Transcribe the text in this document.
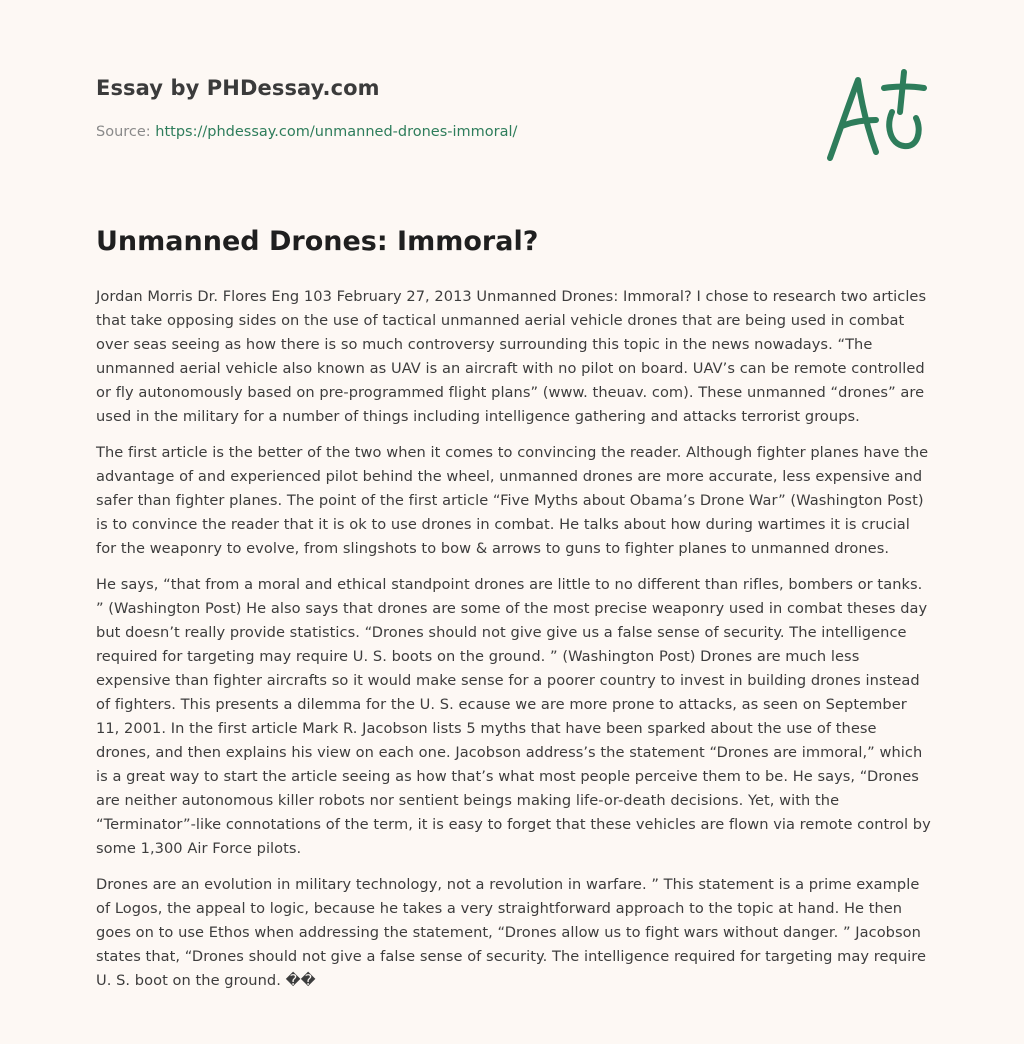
Essay by PHDessay.com
Source: https://phdessay.com/unmanned-drones-immoral/
Unmanned Drones: Immoral?

Jordan Morris Dr. Flores Eng 103 February 27, 2013 Unmanned Drones: Immoral? I chose to research two articles that take opposing sides on the use of tactical unmanned aerial vehicle drones that are being used in combat over seas seeing as how there is so much controversy surrounding this topic in the news nowadays. “The unmanned aerial vehicle also known as UAV is an aircraft with no pilot on board. UAV’s can be remote controlled or fly autonomously based on pre-programmed flight plans” (www. theuav. com). These unmanned “drones” are used in the military for a number of things including intelligence gathering and attacks terrorist groups.

The first article is the better of the two when it comes to convincing the reader. Although fighter planes have the advantage of and experienced pilot behind the wheel, unmanned drones are more accurate, less expensive and safer than fighter planes. The point of the first article “Five Myths about Obama’s Drone War” (Washington Post) is to convince the reader that it is ok to use drones in combat. He talks about how during wartimes it is crucial for the weaponry to evolve, from slingshots to bow & arrows to guns to fighter planes to unmanned drones.

He says, “that from a moral and ethical standpoint drones are little to no different than rifles, bombers or tanks. ” (Washington Post) He also says that drones are some of the most precise weaponry used in combat theses day but doesn’t really provide statistics. “Drones should not give give us a false sense of security. The intelligence required for targeting may require U. S. boots on the ground. ” (Washington Post) Drones are much less expensive than fighter aircrafts so it would make sense for a poorer country to invest in building drones instead of fighters. This presents a dilemma for the U. S. ecause we are more prone to attacks, as seen on September 11, 2001. In the first article Mark R. Jacobson lists 5 myths that have been sparked about the use of these drones, and then explains his view on each one. Jacobson address’s the statement “Drones are immoral,” which is a great way to start the article seeing as how that’s what most people perceive them to be. He says, “Drones are neither autonomous killer robots nor sentient beings making life-or-death decisions. Yet, with the “Terminator”-like connotations of the term, it is easy to forget that these vehicles are flown via remote control by some 1,300 Air Force pilots.

Drones are an evolution in military technology, not a revolution in warfare. ” This statement is a prime example of Logos, the appeal to logic, because he takes a very straightforward approach to the topic at hand. He then goes on to use Ethos when addressing the statement, “Drones allow us to fight wars without danger. ” Jacobson states that, “Drones should not give a false sense of security. The intelligence required for targeting may require U. S. boot on the ground. ��
